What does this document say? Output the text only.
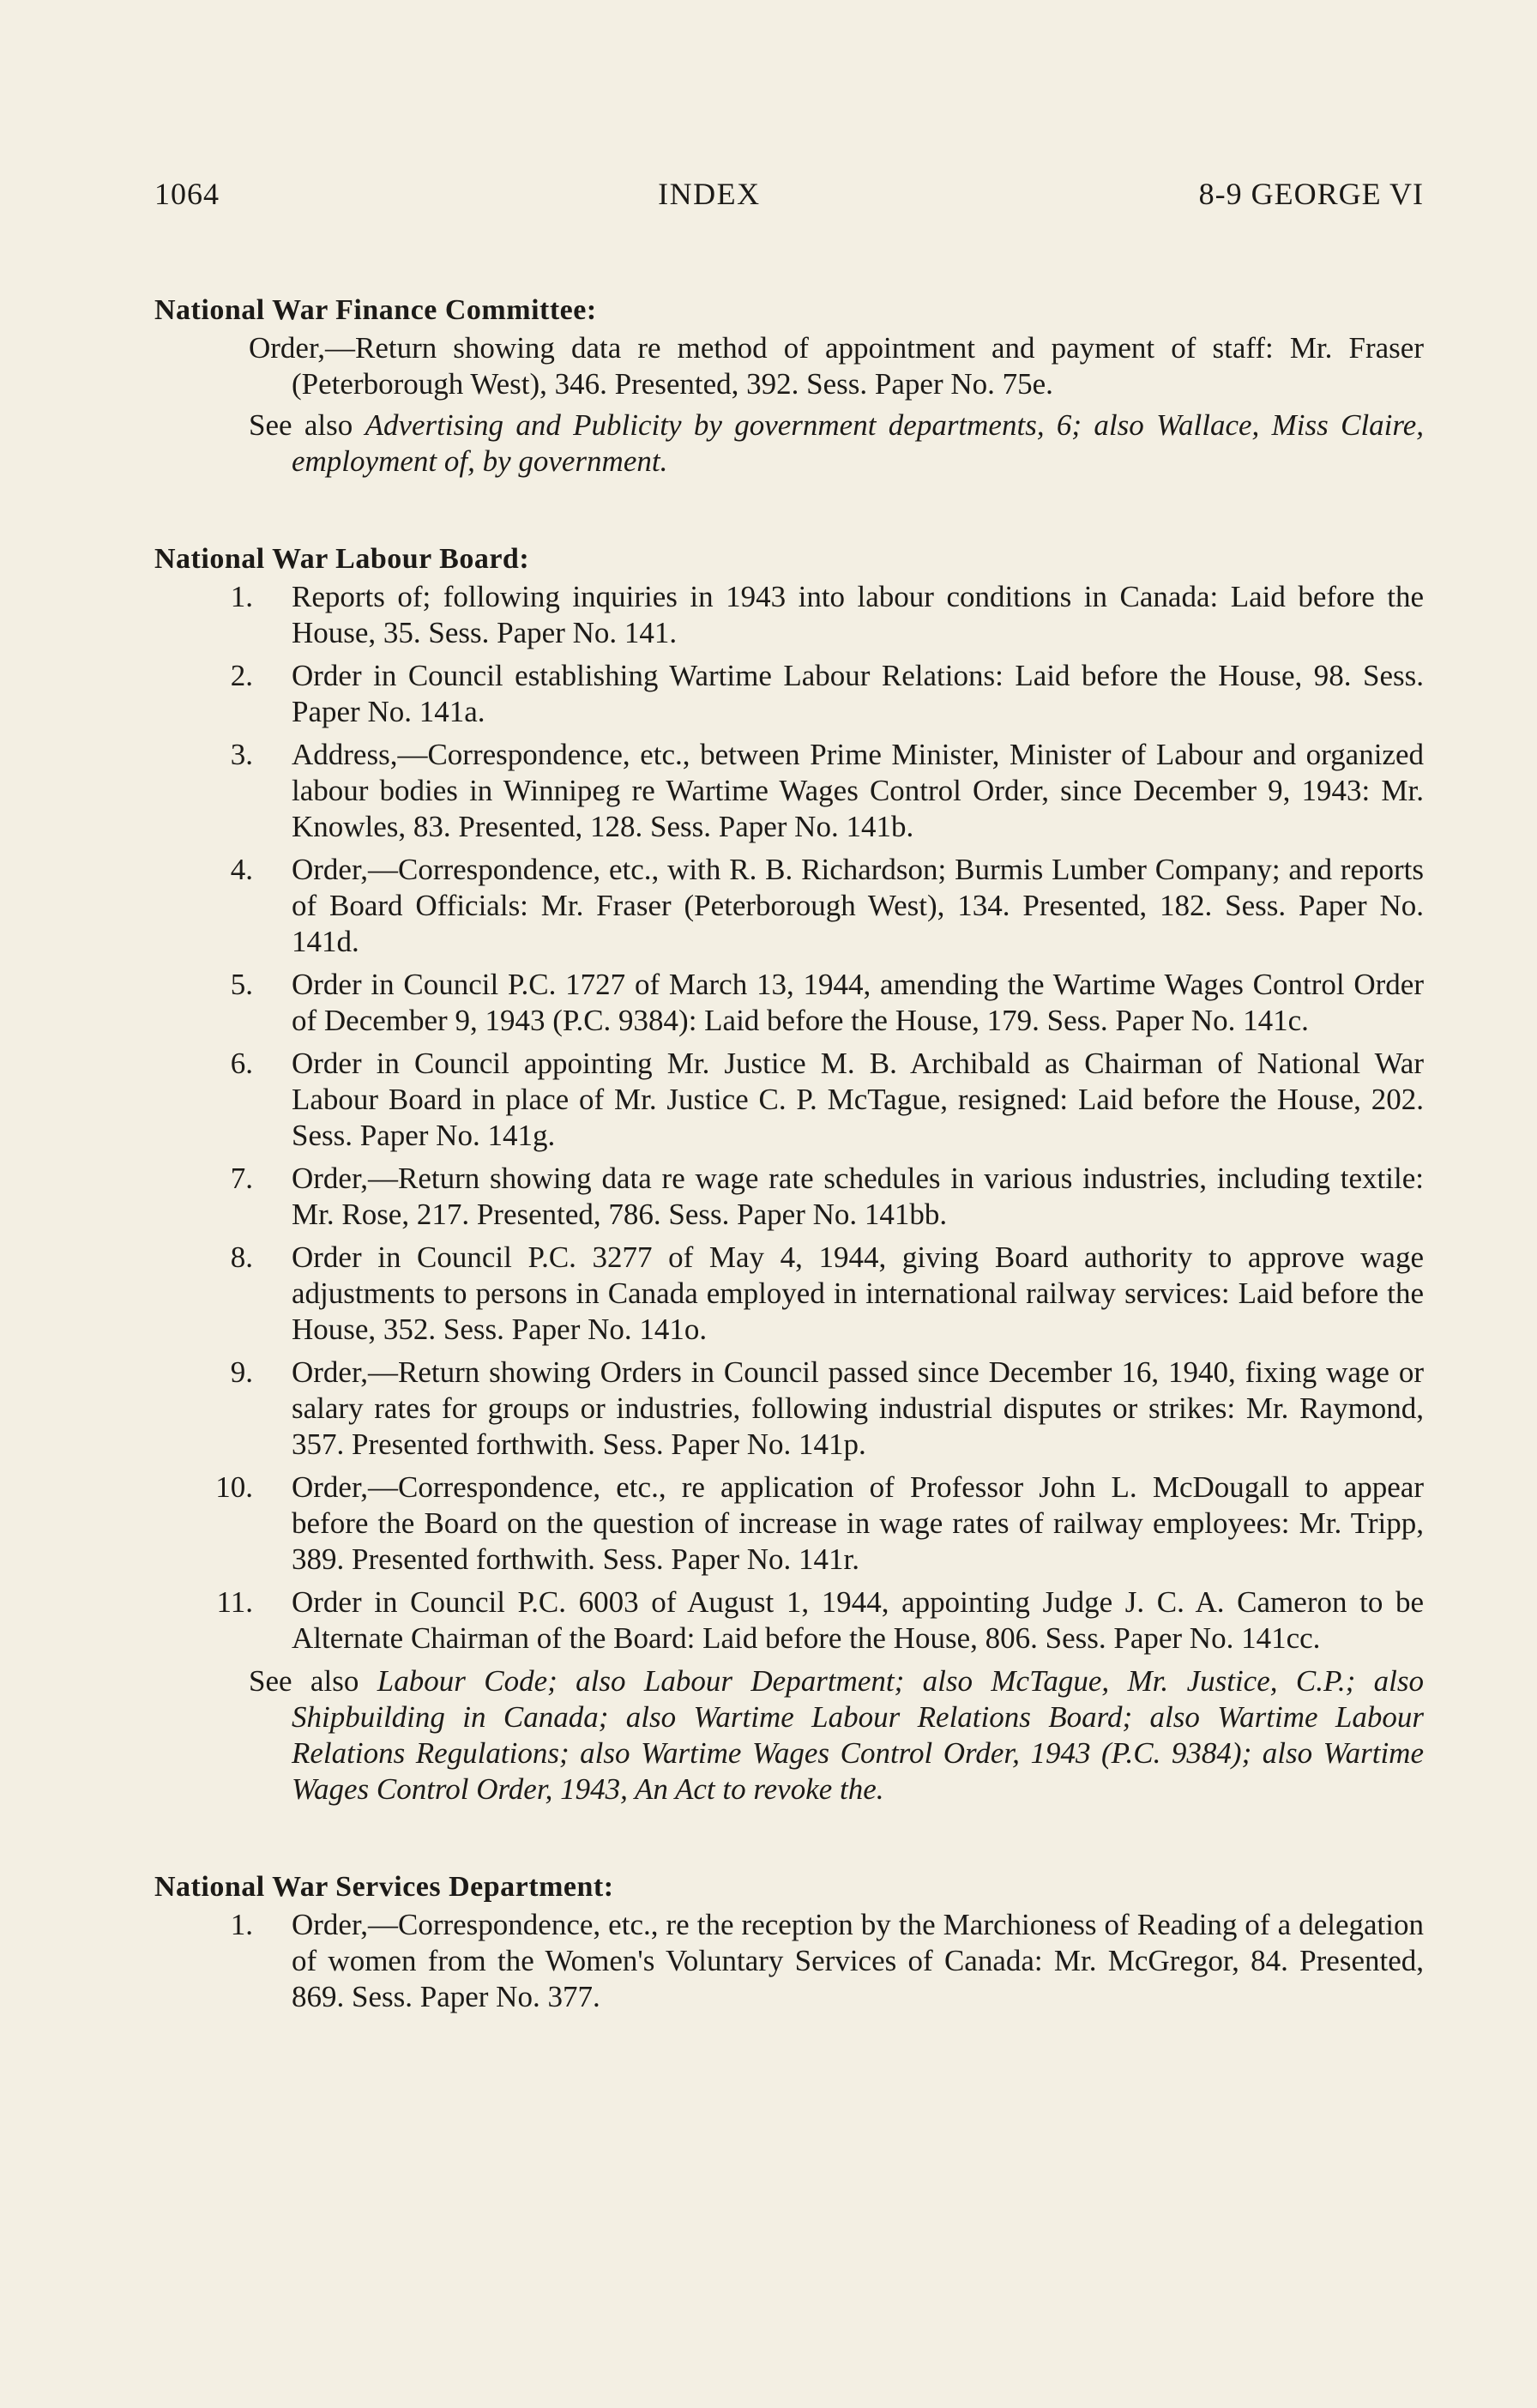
1064	INDEX	8-9 GEORGE VI
National War Finance Committee:
Order,—Return showing data re method of appointment and payment of staff: Mr. Fraser (Peterborough West), 346. Presented, 392. Sess. Paper No. 75e.
See also Advertising and Publicity by government departments, 6; also Wallace, Miss Claire, employment of, by government.
National War Labour Board:
1. Reports of; following inquiries in 1943 into labour conditions in Canada: Laid before the House, 35. Sess. Paper No. 141.
2. Order in Council establishing Wartime Labour Relations: Laid before the House, 98. Sess. Paper No. 141a.
3. Address,—Correspondence, etc., between Prime Minister, Minister of Labour and organized labour bodies in Winnipeg re Wartime Wages Control Order, since December 9, 1943: Mr. Knowles, 83. Presented, 128. Sess. Paper No. 141b.
4. Order,—Correspondence, etc., with R. B. Richardson; Burmis Lumber Company; and reports of Board Officials: Mr. Fraser (Peterborough West), 134. Presented, 182. Sess. Paper No. 141d.
5. Order in Council P.C. 1727 of March 13, 1944, amending the Wartime Wages Control Order of December 9, 1943 (P.C. 9384): Laid before the House, 179. Sess. Paper No. 141c.
6. Order in Council appointing Mr. Justice M. B. Archibald as Chairman of National War Labour Board in place of Mr. Justice C. P. McTague, resigned: Laid before the House, 202. Sess. Paper No. 141g.
7. Order,—Return showing data re wage rate schedules in various industries, including textile: Mr. Rose, 217. Presented, 786. Sess. Paper No. 141bb.
8. Order in Council P.C. 3277 of May 4, 1944, giving Board authority to approve wage adjustments to persons in Canada employed in international railway services: Laid before the House, 352. Sess. Paper No. 141o.
9. Order,—Return showing Orders in Council passed since December 16, 1940, fixing wage or salary rates for groups or industries, following industrial disputes or strikes: Mr. Raymond, 357. Presented forthwith. Sess. Paper No. 141p.
10. Order,—Correspondence, etc., re application of Professor John L. McDougall to appear before the Board on the question of increase in wage rates of railway employees: Mr. Tripp, 389. Presented forthwith. Sess. Paper No. 141r.
11. Order in Council P.C. 6003 of August 1, 1944, appointing Judge J. C. A. Cameron to be Alternate Chairman of the Board: Laid before the House, 806. Sess. Paper No. 141cc.
See also Labour Code; also Labour Department; also McTague, Mr. Justice, C.P.; also Shipbuilding in Canada; also Wartime Labour Relations Board; also Wartime Labour Relations Regulations; also Wartime Wages Control Order, 1943 (P.C. 9384); also Wartime Wages Control Order, 1943, An Act to revoke the.
National War Services Department:
1. Order,—Correspondence, etc., re the reception by the Marchioness of Reading of a delegation of women from the Women's Voluntary Services of Canada: Mr. McGregor, 84. Presented, 869. Sess. Paper No. 377.
